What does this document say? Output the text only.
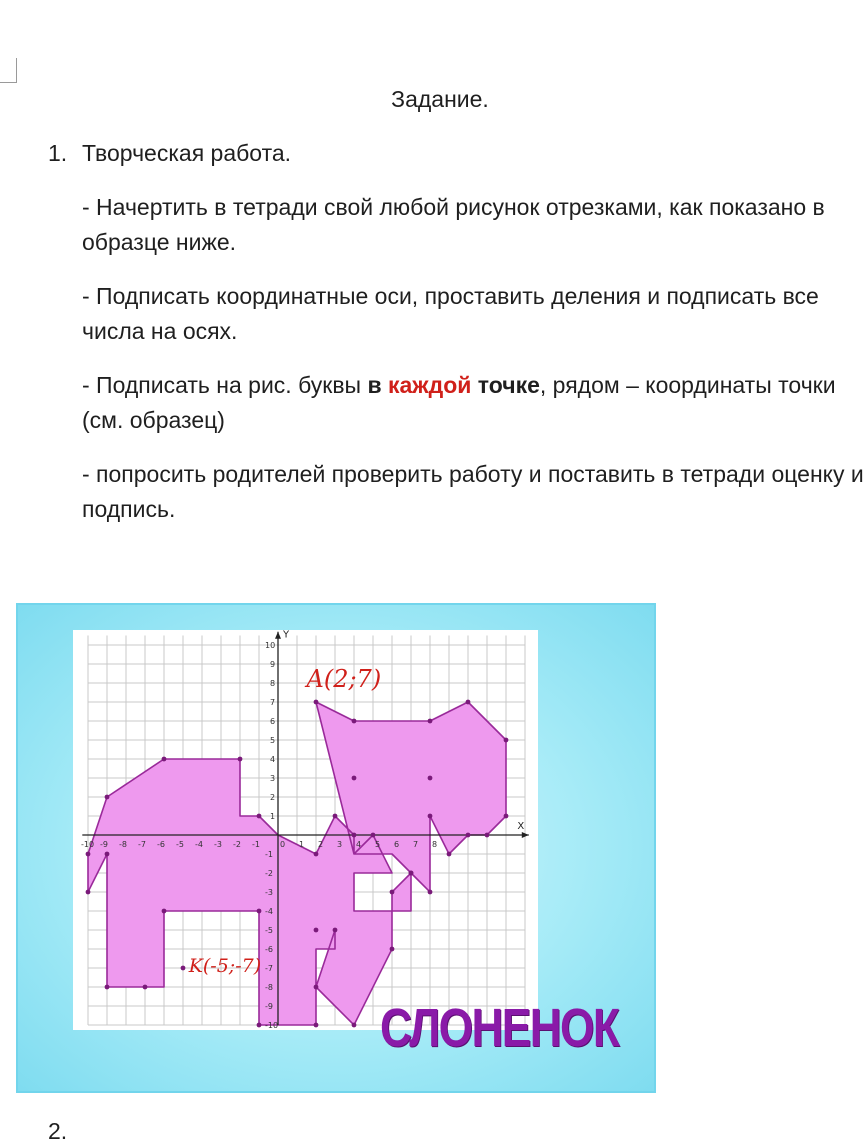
Задание.
1. Творческая работа.
- Начертить в тетради свой любой рисунок отрезками, как показано в образце ниже.
- Подписать координатные оси, проставить деления и подписать все числа на осях.
- Подписать на рис. буквы в каждой точке, рядом – координаты точки (см. образец)
- попросить родителей проверить работу и поставить в тетради оценку и подпись.
X
Y
-10 -9 -8 -7 -6 -5 -4 -3 -2 -1	0 1 2 3 4 5 6 7 8
10
9
8
7
6
5
4
3
2
1
-1
-2
-3
-4
-5
-6
-7
-8
-9
-10
A(2;7)
K(-5;-7)
СЛОНЕНОК
2.
